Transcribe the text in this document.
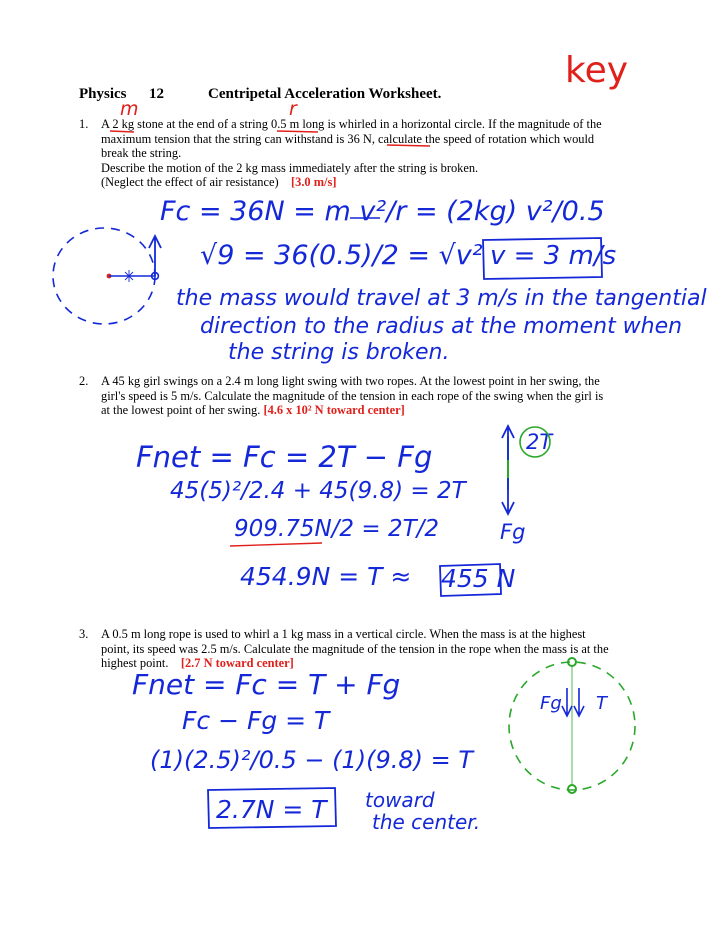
Physics 12	Centripetal Acceleration Worksheet.
key
m	r
1. A 2 kg stone at the end of a string 0.5 m long is whirled in a horizontal circle. If the magnitude of the
maximum tension that the string can withstand is 36 N, calculate the speed of rotation which would
break the string.
Describe the motion of the 2 kg mass immediately after the string is broken.
(Neglect the effect of air resistance) [3.0 m/s]
Fc = 36N = m v²/r = (2kg) v²/0.5
√9 = 36(0.5)/2 = √v² v = 3 m/s
the mass would travel at 3 m/s in the tangential
direction to the radius at the moment when
the string is broken.
2. A 45 kg girl swings on a 2.4 m long light swing with two ropes. At the lowest point in her swing, the
girl's speed is 5 m/s. Calculate the magnitude of the tension in each rope of the swing when the girl is
at the lowest point of her swing. [4.6 x 10² N toward center]
Fnet = Fc = 2T − Fg
45(5)²/2.4 + 45(9.8) = 2T
909.75N/2 = 2T/2
454.9N = T ≈ 455 N
2T
Fg
3. A 0.5 m long rope is used to whirl a 1 kg mass in a vertical circle. When the mass is at the highest
point, its speed was 2.5 m/s. Calculate the magnitude of the tension in the rope when the mass is at the
highest point. [2.7 N toward center]
Fnet = Fc = T + Fg
Fc − Fg = T
(1)(2.5)²/0.5 − (1)(9.8) = T
2.7N = T toward
the center.
Fg T
